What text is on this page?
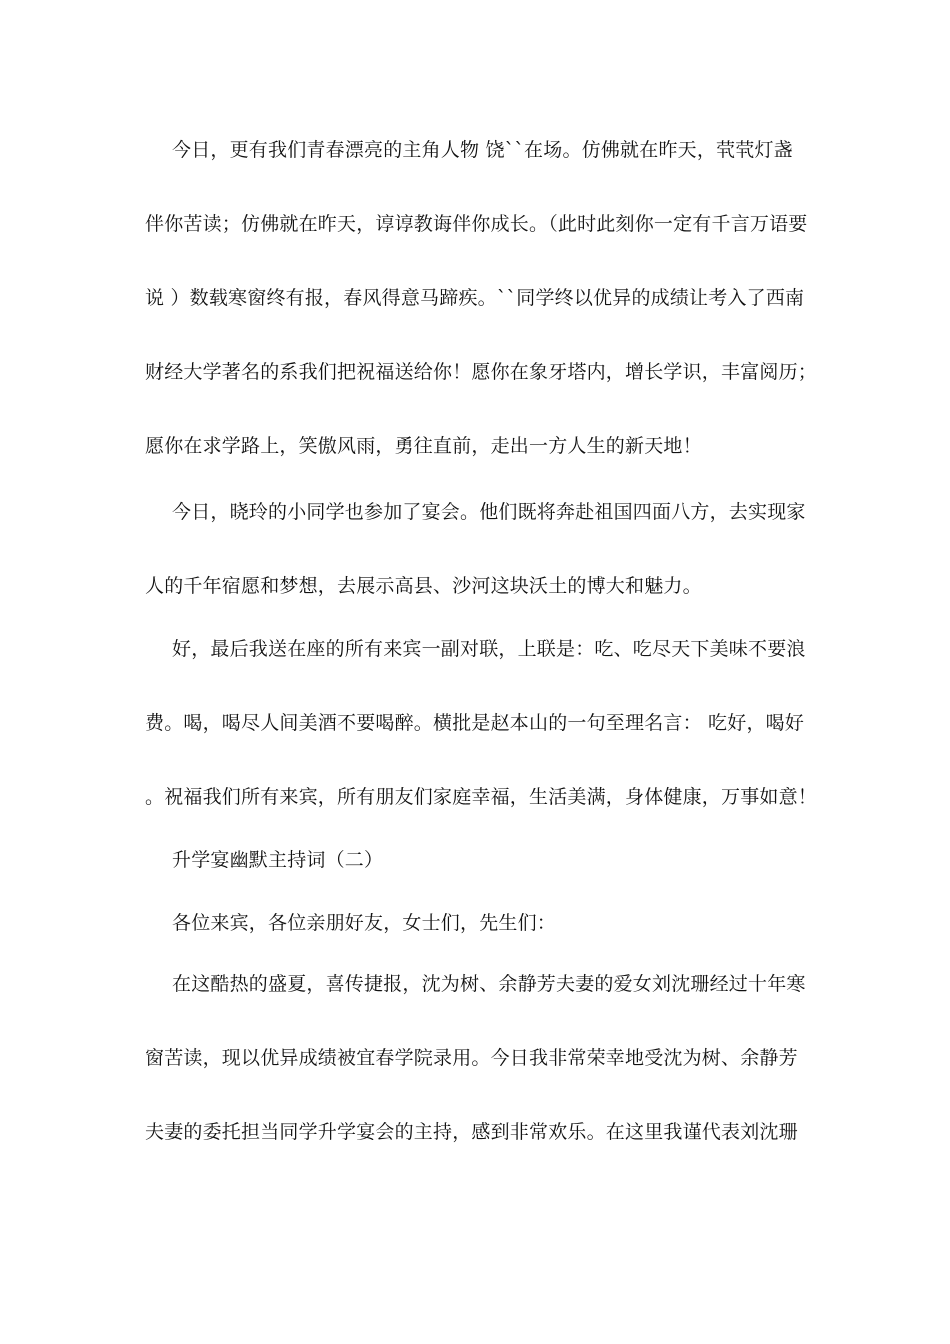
今日，更有我们青春漂亮的主角人物 饶``在场。仿佛就在昨天，茕茕灯盏
伴你苦读；仿佛就在昨天，谆谆教诲伴你成长。（此时此刻你一定有千言万语要
说 ）数载寒窗终有报，春风得意马蹄疾。``同学终以优异的成绩让考入了西南
财经大学著名的系我们把祝福送给你！愿你在象牙塔内，增长学识，丰富阅历；
愿你在求学路上，笑傲风雨，勇往直前，走出一方人生的新天地！
今日，晓玲的小同学也参加了宴会。他们既将奔赴祖国四面八方，去实现家
人的千年宿愿和梦想，去展示高县、沙河这块沃土的博大和魅力。
好，最后我送在座的所有来宾一副对联，上联是：吃、吃尽天下美味不要浪
费。喝，喝尽人间美酒不要喝醉。横批是赵本山的一句至理名言： 吃好，喝好
。祝福我们所有来宾，所有朋友们家庭幸福，生活美满，身体健康，万事如意！
升学宴幽默主持词（二）
各位来宾，各位亲朋好友，女士们，先生们：
在这酷热的盛夏，喜传捷报，沈为树、余静芳夫妻的爱女刘沈珊经过十年寒
窗苦读，现以优异成绩被宜春学院录用。今日我非常荣幸地受沈为树、余静芳
夫妻的委托担当同学升学宴会的主持，感到非常欢乐。在这里我谨代表刘沈珊
